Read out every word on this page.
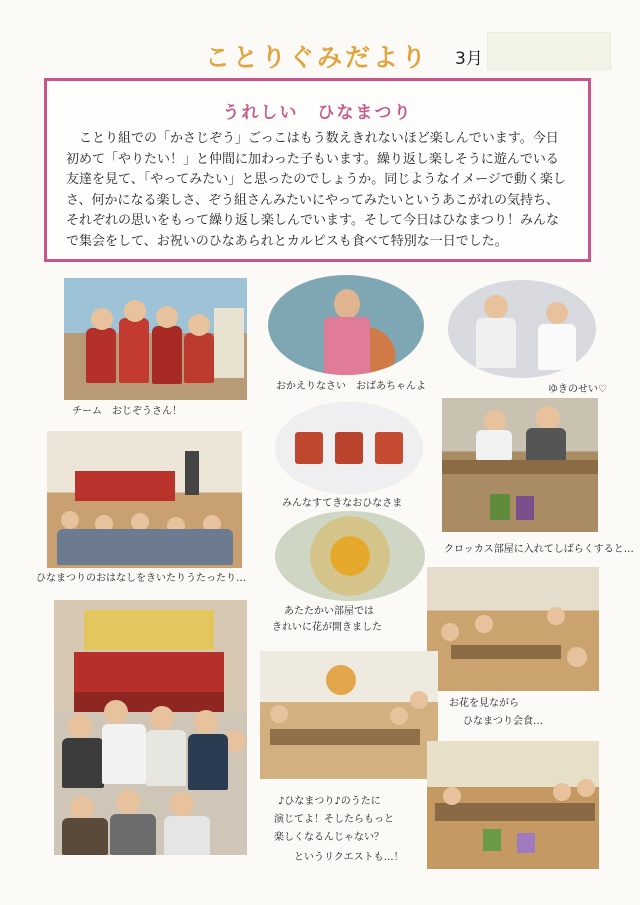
ことりぐみだより 3月
うれしい　ひなまつり

ことり組での「かさじぞう」ごっこはもう数えきれないほど楽しんでいます。今日初めて「やりたい！」と仲間に加わった子もいます。繰り返し楽しそうに遊んでいる友達を見て、「やってみたい」と思ったのでしょうか。同じようなイメージで動く楽しさ、何かになる楽しさ、ぞう組さんみたいにやってみたいというあこがれの気持ち、それぞれの思いをもって繰り返し楽しんでいます。そして今日はひなまつり！みんなで集会をして、お祝いのひなあられとカルピスも食べて特別な一日でした。

チーム　おじぞうさん！
おかえりなさい　おばあちゃんよ	ゆきのせい♡
みんなすてきなおひなさま
クロッカス部屋に入れてしばらくすると…
ひなまつりのおはなしをきいたりうたったり…
あたたかい部屋では
きれいに花が開きました
お花を見ながら
ひなまつり会食…
♪ひなまつり♪のうたに
演じてよ！そしたらもっと
楽しくなるんじゃない？
というリクエストも…！
